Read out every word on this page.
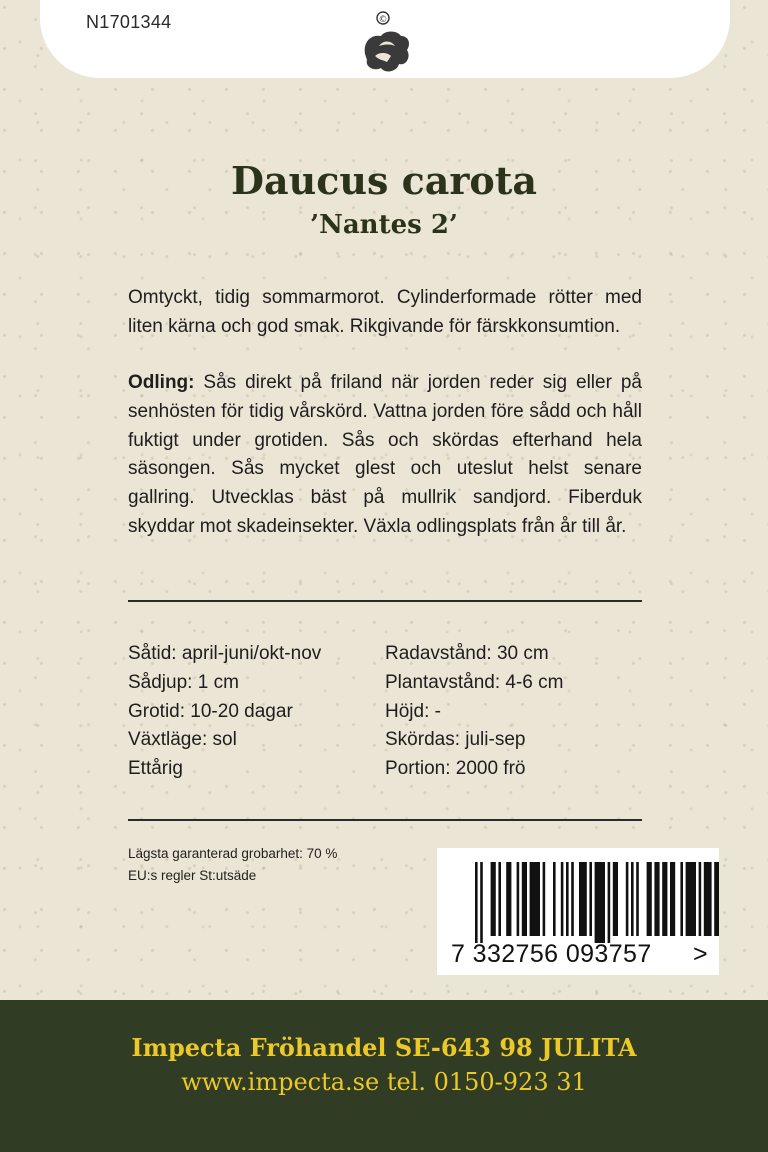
N1701344	©
Daucus carota
’Nantes 2’
Omtyckt, tidig sommarmorot. Cylinderformade rötter med liten kärna och god smak. Rikgivande för färskkonsumtion.
Odling: Sås direkt på friland när jorden reder sig eller på senhösten för tidig vårskörd. Vattna jorden före sådd och håll fuktigt under grotiden. Sås och skördas efterhand hela säsongen. Sås mycket glest och uteslut helst senare gallring. Utvecklas bäst på mullrik sandjord. Fiberduk skyddar mot skadeinsekter. Växla odlingsplats från år till år.
Såtid: april-juni/okt-nov
Sådjup: 1 cm
Grotid: 10-20 dagar
Växtläge: sol
Ettårig
Radavstånd: 30 cm
Plantavstånd: 4-6 cm
Höjd: -
Skördas: juli-sep
Portion: 2000 frö
Lägsta garanterad grobarhet: 70 %
EU:s regler St:utsäde
7 332756 093757 >
Impecta Fröhandel SE-643 98 JULITA
www.impecta.se tel. 0150-923 31
